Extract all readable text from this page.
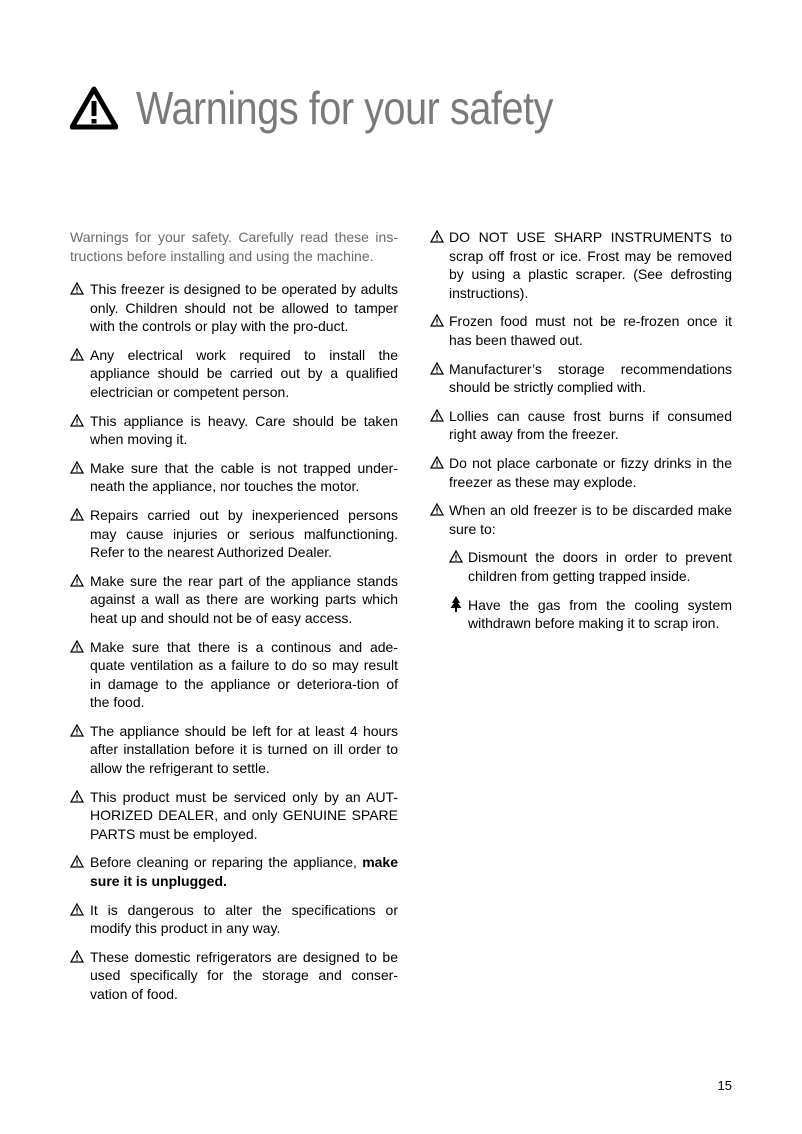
Warnings for your safety

Warnings for your safety. Carefully read these ins-tructions before installing and using the machine.

This freezer is designed to be operated by adults only. Children should not be allowed to tamper with the controls or play with the pro-duct.
Any electrical work required to install the appliance should be carried out by a qualified electrician or competent person.
This appliance is heavy. Care should be taken when moving it.
Make sure that the cable is not trapped under-neath the appliance, nor touches the motor.
Repairs carried out by inexperienced persons may cause injuries or serious malfunctioning. Refer to the nearest Authorized Dealer.
Make sure the rear part of the appliance stands against a wall as there are working parts which heat up and should not be of easy access.
Make sure that there is a continous and ade-quate ventilation as a failure to do so may result in damage to the appliance or deteriora-tion of the food.
The appliance should be left for at least 4 hours after installation before it is turned on ill order to allow the refrigerant to settle.
This product must be serviced only by an AUT-HORIZED DEALER, and only GENUINE SPARE PARTS must be employed.
Before cleaning or reparing the appliance, make sure it is unplugged.
It is dangerous to alter the specifications or modify this product in any way.
These domestic refrigerators are designed to be used specifically for the storage and conser-vation of food.
DO NOT USE SHARP INSTRUMENTS to scrap off frost or ice. Frost may be removed by using a plastic scraper. (See defrosting instructions).
Frozen food must not be re-frozen once it has been thawed out.
Manufacturer’s storage recommendations should be strictly complied with.
Lollies can cause frost burns if consumed right away from the freezer.
Do not place carbonate or fizzy drinks in the freezer as these may explode.
When an old freezer is to be discarded make sure to:
Dismount the doors in order to prevent children from getting trapped inside.
Have the gas from the cooling system withdrawn before making it to scrap iron.
15
